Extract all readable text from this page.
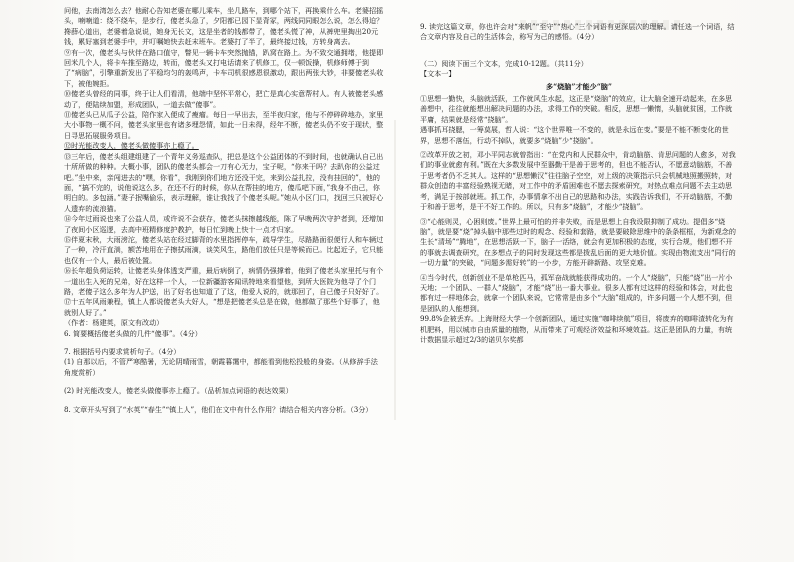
问他，去南湾怎么去？他耐心告知老婆在哪儿乘车，坐几路车，到哪个站下，再换乘什么车。老婆招摇头，喃喃道：绕不绕车，是步行，傻老头急了，夕阳都已园下显背冢，两线同同眼怎么说，怎么得迫？搀薛心道出，老婆着急说说，她身无长文，这是坐者的钱都带了，傻老头慌了神，从裤兜里掏出20元钱，累好塞到老婆手中，并叮嘱她快去赶末班车。老婆打了半了，最终接过钱，方转身离去。

⑨有一次，傻老头与伙伴在路口值守，瞥见一辆卡车突然抛锚，趴窝在路上。为不致交通拥堵，他提即回米几个人，将卡车推至路边，转而，傻老头又打电话请来了机修工，仅一顿饭操，机修师傅于到了“病脑”，引擎重新发出了平稳均匀的轰鸣声，卡车司机很感恩很激动，跟出两张大钞，非要傻老头收下，被他婉拒。

⑩傻老头曾经的同事，终于让人们看清，他端中坚怀平常心，把亡是真心实意帮村人。有人被傻老头感动了，便陆续加盟，形成团队，一道去做“傻事”。

⑪傻老头已从瓜子公益，陪作家入便成了瘦瘤。每日一早出去，至半夜归家，他与不停碎碎地办，家里大小事物一概不问，傻老头家里也有诸多埋怨情，如此一日未得，经年不断，傻老头仍不安于现状，整日寻思拓展服务项目。

⑫时光能改变人，傻老头做傻事亦上瘾了。

⑬三年后，傻老头组建组建了一个青年义务巡查队，把总是这个公益团体的不到时间，也就确认自己出十所所做的种种。大概小事，团队的傻老头都会一刀有心无力，宝子呢，“你来干吗？去趴你的公益过吧。”坐中来，亲闯进去的“嘿，你看”，我刚到你们地方还没干完，来到公益扎拉，没有挂回的”，他的面，“搞不完的，说他说这么多，在还不行的时候，你从在帮挂的地方，傻瓜吧下面，”我身不由己，你明白的。多包涵。”妻子抿嘴偷乐，表示理解，谁让我找了个傻老头呢。”她从小区门口，找回三只被好心人遗弃的流浪猫。

⑭今年过雨说也来了公益人员，或许说不会获存，傻老头抹擦越线能，陈了早晚两次守护者到，还增加了夜间小区巡逻，去高中班精修度护教护，每日忙到晚上快十一点才归家。

⑮伴夏末秋，大雨滂沱，傻老头站在经过脚背的水里指挥停车，疏导学生，尽路路面很便行人和车辆过了一种，冷汗直淌，额苦地用在子擦拭雨滴，谈笑风生，路他们放任只是等候而已。比起近子，它只能也仅有一个人，最后被处置。

⑯长年超负荷运转，让傻老头身体透支严重，最后病倒了，病情仍强撑着，他到了傻老头家里托与有个一道出生入死的兄弟，好在这样一个人，一位新疆游客闻讯特地来看望他，到所大医院为他寻了个门路，老傻子这么多年为人护送，出了好名也知道了了这，他爱人说的，就那回了，自己傻子只好好了。

⑰十五年风雨兼程，镇上人都说傻老头大好人，“想是把傻老头总是在做，他都做了那些个好事了，他就别人好了。”

（作者：杨建英，原文有改动）

6. 简要概括傻老头做的几件“傻事”。（4分）

7. 根据括号内要求赏析句子。（4分）

(1) 自那以后，不管严寒酷暑，无论阴晴雨雪，朝霞暮霭中，都能看到他松投般的身姿。（从修辞手法角度赏析）

(2) 时光能改变人，傻老头做傻事亦上瘾了。（品析加点词语的表达效果）

8. 文章开头写到了“水英”“春生”“镇上人”，他们在文中有什么作用？请结合相关内容分析。（3分）

9. 读完这篇文章，你也许会对“来帆”“至守”“热心”三个词语有更深层次的理解。请任选一个词语，结合文章内容及自己的生活体会，称写为己的感悟。（4分）

（二）阅读下面三个文本，完成10-12题。（共11分）

【文本一】

多“烧脑”才能少“脑”

①思想一勤快，头脑就活跃，工作就风生水起，这正是“烧脑”的效应，让大脑全速开动起来，在多思善想中，往往就能想出解决问题的办法，求得工作的突破。相反，思想一懒惰，头脑就贫困，工作就平庸，结果就是经常“挠脑”。

遇事抓耳挠腮，一筹莫展，哲人说：“这个世界唯一不变的，就是永远在变。”要是不能不断变化的世界，思想不落伍，行动不掉队，就要多“烧脑”少“挠脑”。

②改革开放之初，邓小平同志就曾指出：“在党内和人民群众中，肯动脑筋、肯思问题的人愈多，对我们的事业就愈有利。”既在大多数发展中至器勤干是善于思考的，但也不能否认，不愿意动脑筋，不善于思考者仍不乏其人。这样的“思想懒汉”往往脑子空空，对上级的决策指示只会机械地照搬照转，对群众创造的丰富经验熟视无睹，对工作中的矛盾困难也不愿去探索研究，对热点难点问题不去主动思考，满足于按部就班。抓工作，办事情拿不出自己的思路和办法，实践告诉我们，不开动脑筋，不勤于和善于思考，是干不好工作的。所以，只有多“烧脑”，才能少“挠脑”。

③“心能则灵，心困则废。”世界上最可怕的并非失败，而是思想上自我设限抑制了成功。提倡多“烧脑”，就是要“烧”掉头脑中那些过时的观念、经验和套路，就是要破除思维中的条条框框，为新观念的生长“清场”“腾地”，在思想活跃一下，脑子一活络，就会有更加积极的态度，实行合规，他们想不开的事就去调查研究，在多想点子的同时发现这些都是拨乱后面的更大地价值。实现由物流支出“同行的一切力量”的突破，“问题多需好转”的一小步，方能开辟新路、攻坚克难。

④当今时代，创新创业不是单枪匹马，孤军奋战就能获得成功的。一个人“烧脑”，只能“烧”出一片小天地；一个团队、一群人“烧脑”，才能“烧”出一番大事业。很多人都有过这样的经验和体会，对此也都有过一样地体会，就拿一个团队来说，它常常是由多个“大脑”组成的，许多问题一个人想不到，但是团队的人能想到。

99.8%企被丢弃。上海财经大学一个创新团队，通过实施“咖啡续航”项目，将废弃的咖啡渣转化为有机肥料，用以城市自由质量的植物，从而带来了可观经济效益和环境效益。这正是团队的力量，有统计数据显示超过2/3的诺贝尔奖都
